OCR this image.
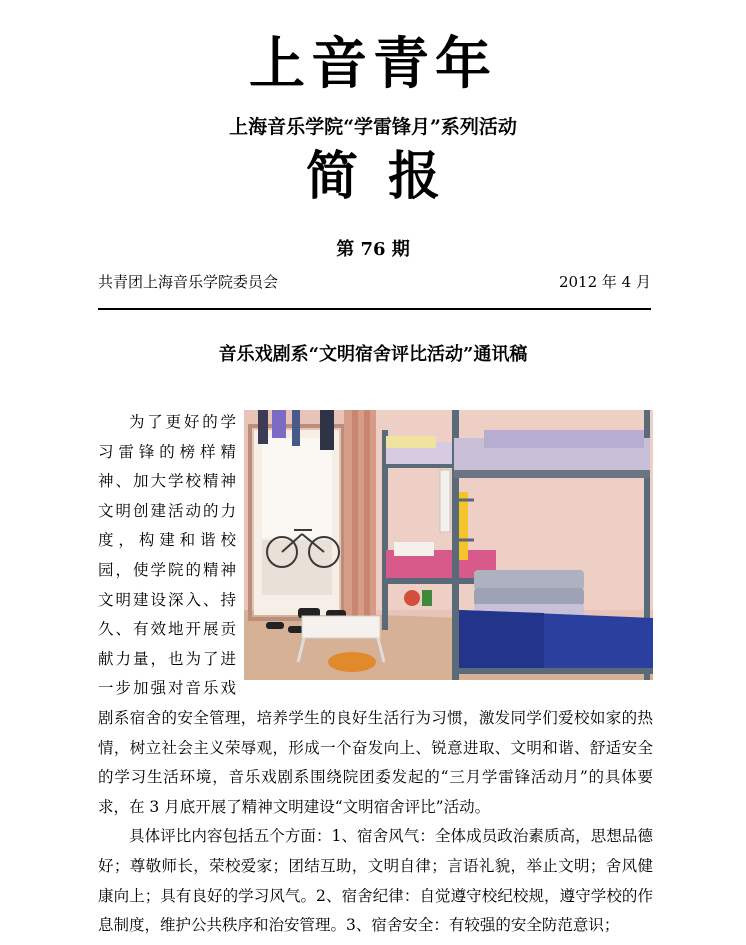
上音青年
上海音乐学院“学雷锋月”系列活动
简报
第 76 期
共青团上海音乐学院委员会	2012 年 4 月
音乐戏剧系“文明宿舍评比活动”通讯稿

为了更好的学习雷锋的榜样精神、加大学校精神文明创建活动的力度，构建和谐校园，使学院的精神文明建设深入、持久、有效地开展贡献力量，也为了进一步加强对音乐戏剧系宿舍的安全管理，培养学生的良好生活行为习惯，激发同学们爱校如家的热情，树立社会主义荣辱观，形成一个奋发向上、锐意进取、文明和谐、舒适安全的学习生活环境，音乐戏剧系围绕院团委发起的“三月学雷锋活动月”的具体要求，在 3 月底开展了精神文明建设“文明宿舍评比”活动。

具体评比内容包括五个方面：1、宿舍风气：全体成员政治素质高，思想品德好；尊敬师长，荣校爱家；团结互助，文明自律；言语礼貌，举止文明；舍风健康向上；具有良好的学习风气。2、宿舍纪律：自觉遵守校纪校规，遵守学校的作息制度，维护公共秩序和治安管理。3、宿舍安全：有较强的安全防范意识；
